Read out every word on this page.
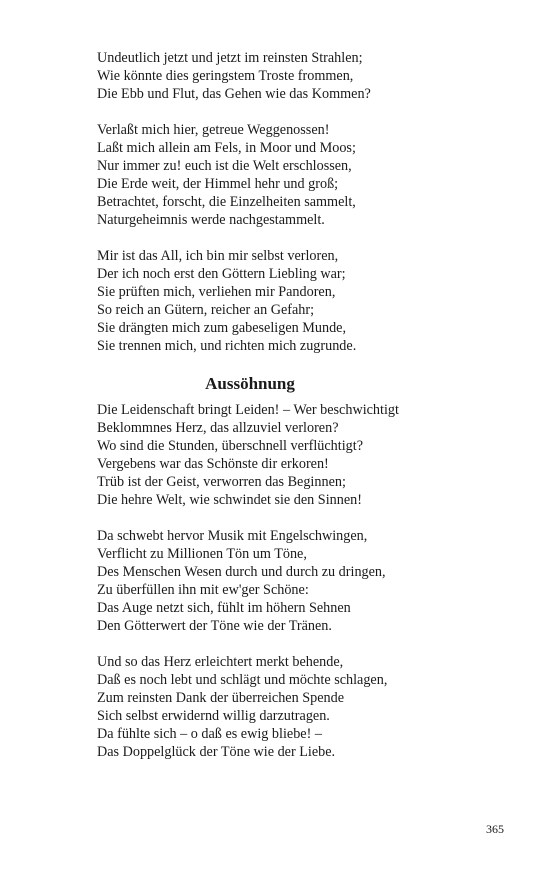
Undeutlich jetzt und jetzt im reinsten Strahlen;
Wie könnte dies geringstem Troste frommen,
Die Ebb und Flut, das Gehen wie das Kommen?
Verlaßt mich hier, getreue Weggenossen!
Laßt mich allein am Fels, in Moor und Moos;
Nur immer zu! euch ist die Welt erschlossen,
Die Erde weit, der Himmel hehr und groß;
Betrachtet, forscht, die Einzelheiten sammelt,
Naturgeheimnis werde nachgestammelt.
Mir ist das All, ich bin mir selbst verloren,
Der ich noch erst den Göttern Liebling war;
Sie prüften mich, verliehen mir Pandoren,
So reich an Gütern, reicher an Gefahr;
Sie drängten mich zum gabeseligen Munde,
Sie trennen mich, und richten mich zugrunde.
Aussöhnung
Die Leidenschaft bringt Leiden! – Wer beschwichtigt
Beklommnes Herz, das allzuviel verloren?
Wo sind die Stunden, überschnell verflüchtigt?
Vergebens war das Schönste dir erkoren!
Trüb ist der Geist, verworren das Beginnen;
Die hehre Welt, wie schwindet sie den Sinnen!
Da schwebt hervor Musik mit Engelschwingen,
Verflicht zu Millionen Tön um Töne,
Des Menschen Wesen durch und durch zu dringen,
Zu überfüllen ihn mit ew'ger Schöne:
Das Auge netzt sich, fühlt im höhern Sehnen
Den Götterwert der Töne wie der Tränen.
Und so das Herz erleichtert merkt behende,
Daß es noch lebt und schlägt und möchte schlagen,
Zum reinsten Dank der überreichen Spende
Sich selbst erwidernd willig darzutragen.
Da fühlte sich – o daß es ewig bliebe! –
Das Doppelglück der Töne wie der Liebe.
365
